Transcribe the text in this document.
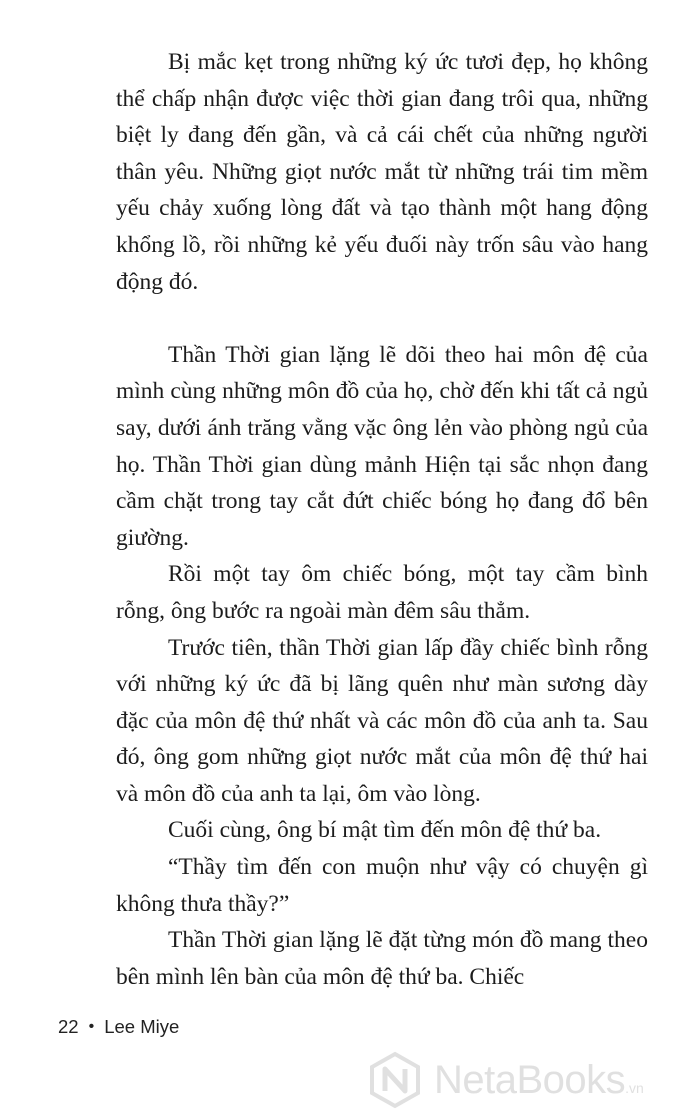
Bị mắc kẹt trong những ký ức tươi đẹp, họ không thể chấp nhận được việc thời gian đang trôi qua, những biệt ly đang đến gần, và cả cái chết của những người thân yêu. Những giọt nước mắt từ những trái tim mềm yếu chảy xuống lòng đất và tạo thành một hang động khổng lồ, rồi những kẻ yếu đuối này trốn sâu vào hang động đó.

Thần Thời gian lặng lẽ dõi theo hai môn đệ của mình cùng những môn đồ của họ, chờ đến khi tất cả ngủ say, dưới ánh trăng vằng vặc ông lẻn vào phòng ngủ của họ. Thần Thời gian dùng mảnh Hiện tại sắc nhọn đang cầm chặt trong tay cắt đứt chiếc bóng họ đang đổ bên giường.

Rồi một tay ôm chiếc bóng, một tay cầm bình rỗng, ông bước ra ngoài màn đêm sâu thẳm.

Trước tiên, thần Thời gian lấp đầy chiếc bình rỗng với những ký ức đã bị lãng quên như màn sương dày đặc của môn đệ thứ nhất và các môn đồ của anh ta. Sau đó, ông gom những giọt nước mắt của môn đệ thứ hai và môn đồ của anh ta lại, ôm vào lòng.

Cuối cùng, ông bí mật tìm đến môn đệ thứ ba.

“Thầy tìm đến con muộn như vậy có chuyện gì không thưa thầy?”

Thần Thời gian lặng lẽ đặt từng món đồ mang theo bên mình lên bàn của môn đệ thứ ba. Chiếc

22 • Lee Miye
NetaBooks.vn
